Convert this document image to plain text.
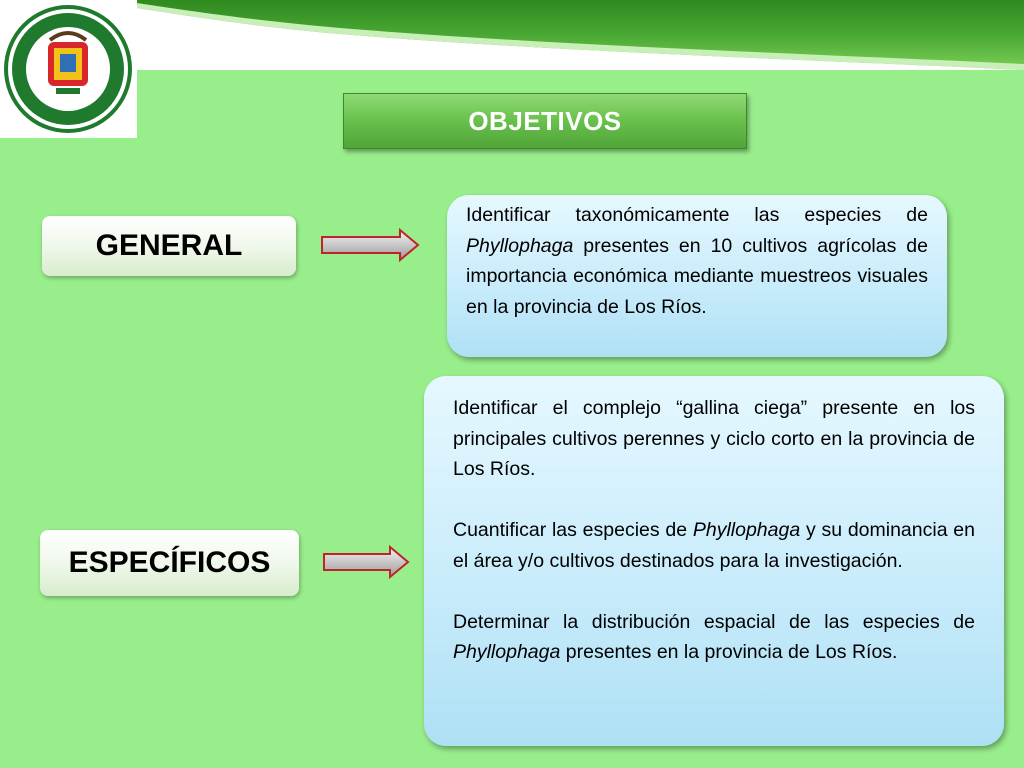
OBJETIVOS
GENERAL

Identificar taxonómicamente las especies de Phyllophaga presentes en 10 cultivos agrícolas de importancia económica mediante muestreos visuales en la provincia de Los Ríos.

ESPECÍFICOS

Identificar el complejo “gallina ciega” presente en los principales cultivos perennes y ciclo corto en la provincia de Los Ríos.

Cuantificar las especies de Phyllophaga y su dominancia en el área y/o cultivos destinados para la investigación.

Determinar la distribución espacial de las especies de Phyllophaga presentes en la provincia de Los Ríos.
